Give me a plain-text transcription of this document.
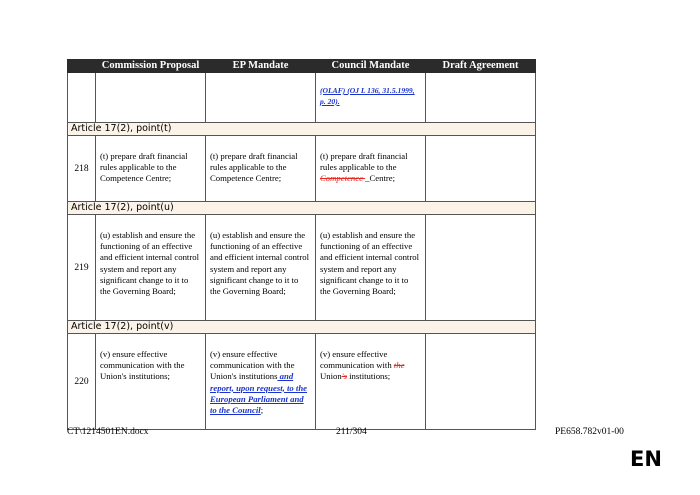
	Commission Proposal	EP Mandate	Council Mandate	Draft Agreement
			(OLAF) (OJ L 136, 31.5.1999, p. 20).	
Article 17(2), point(t)				
218	(t) prepare draft financial rules applicable to the Competence Centre;	(t) prepare draft financial rules applicable to the Competence Centre;	(t) prepare draft financial rules applicable to the Competence _Centre;	
Article 17(2), point(u)				
219	(u) establish and ensure the functioning of an effective and efficient internal control system and report any significant change to it to the Governing Board;	(u) establish and ensure the functioning of an effective and efficient internal control system and report any significant change to it to the Governing Board;	(u) establish and ensure the functioning of an effective and efficient internal control system and report any significant change to it to the Governing Board;	
Article 17(2), point(v)				
220	(v) ensure effective communication with the Union's institutions;	(v) ensure effective communication with the Union's institutions and report, upon request, to the European Parliament and to the Council;	(v) ensure effective communication with the Union's institutions;	
CT\1214501EN.docx	211/304	PE658.782v01-00
EN
